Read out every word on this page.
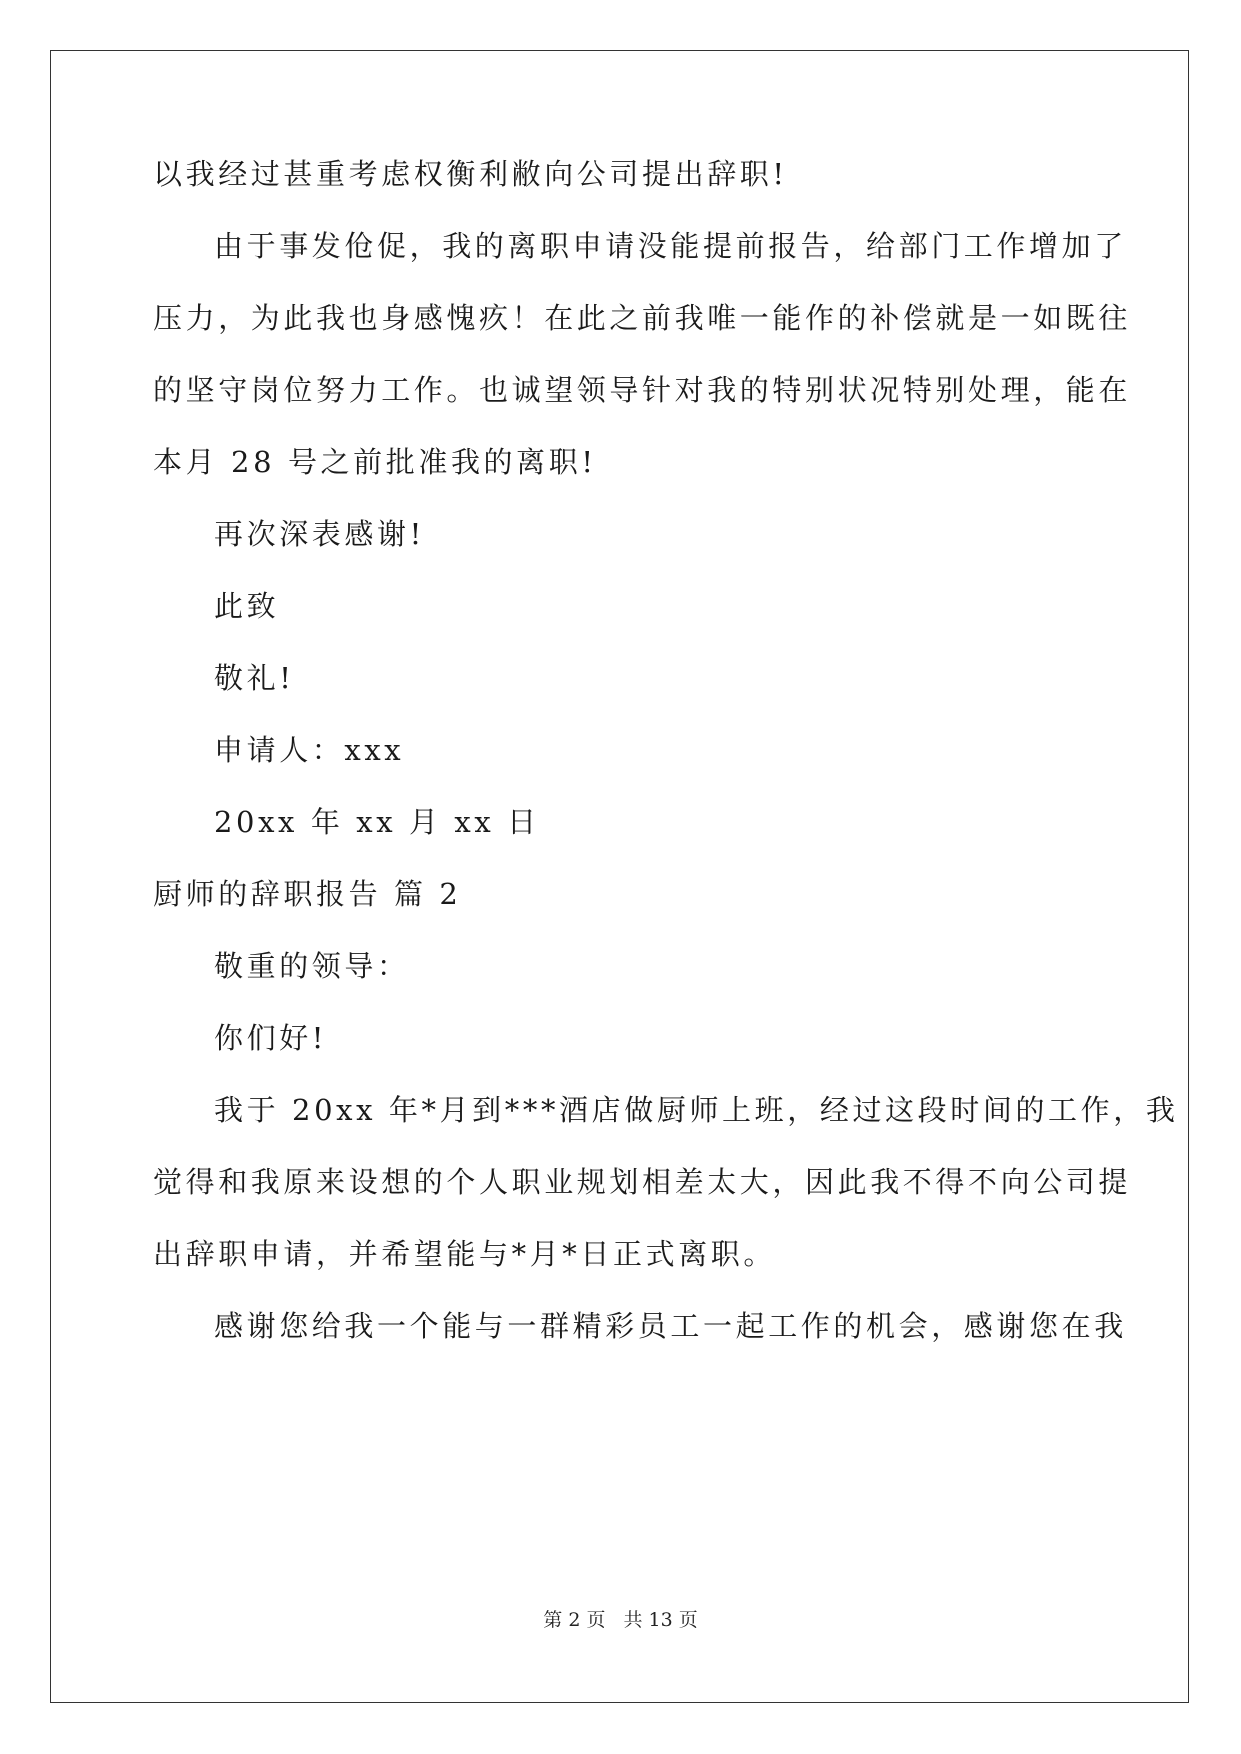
以我经过甚重考虑权衡利敝向公司提出辞职!
由于事发伧促，我的离职申请没能提前报告，给部门工作增加了
压力，为此我也身感愧疚！在此之前我唯一能作的补偿就是一如既往
的坚守岗位努力工作。也诚望领导针对我的特别状况特别处理，能在
本月 28 号之前批准我的离职!
再次深表感谢!
此致
敬礼!
申请人：xxx
20xx 年 xx 月 xx 日
厨师的辞职报告 篇 2
敬重的领导：
你们好!
我于 20xx 年*月到***酒店做厨师上班，经过这段时间的工作，我
觉得和我原来设想的个人职业规划相差太大，因此我不得不向公司提
出辞职申请，并希望能与*月*日正式离职。
感谢您给我一个能与一群精彩员工一起工作的机会，感谢您在我
第 2 页 共 13 页
